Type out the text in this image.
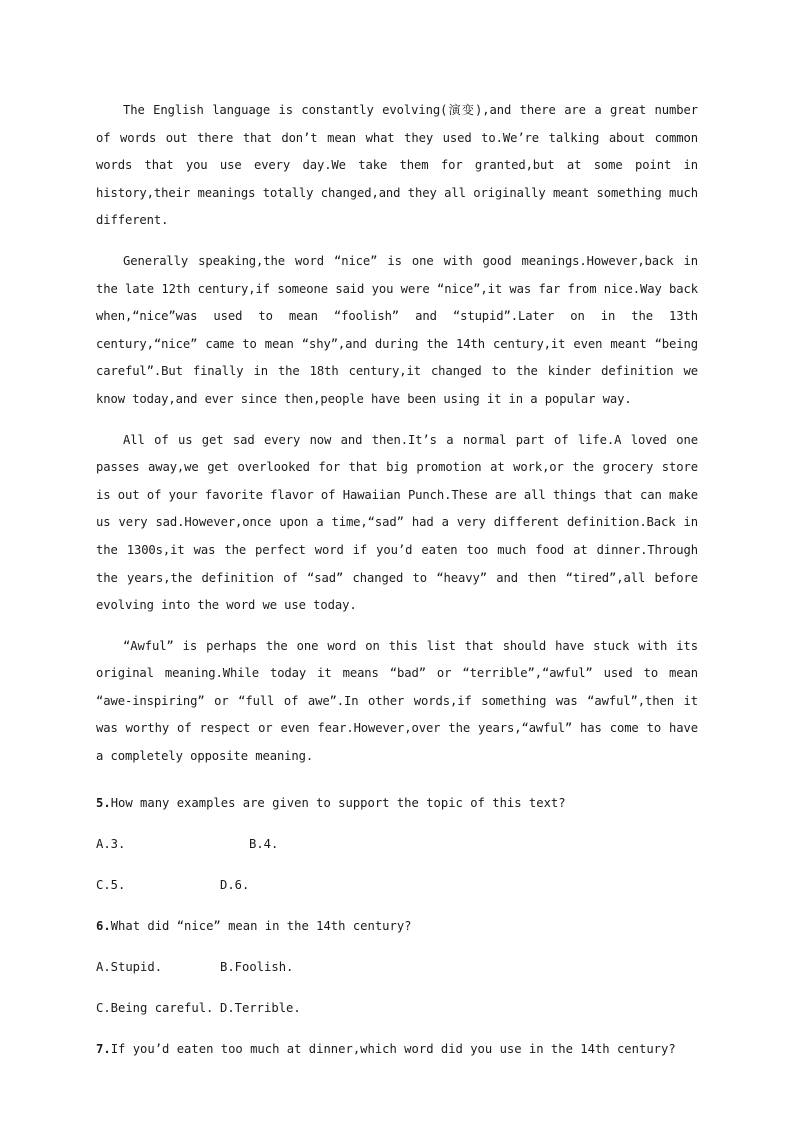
The English language is constantly evolving(演变),and there are a great number of words out there that don’t mean what they used to.We’re talking about common words that you use every day.We take them for granted,but at some point in history,their meanings totally changed,and they all originally meant something much different.

Generally speaking,the word “nice” is one with good meanings.However,back in the late 12th century,if someone said you were “nice”,it was far from nice.Way back when,“nice”was used to mean “foolish” and “stupid”.Later on in the 13th century,“nice” came to mean “shy”,and during the 14th century,it even meant “being careful”.But finally in the 18th century,it changed to the kinder definition we know today,and ever since then,people have been using it in a popular way.

All of us get sad every now and then.It’s a normal part of life.A loved one passes away,we get overlooked for that big promotion at work,or the grocery store is out of your favorite flavor of Hawaiian Punch.These are all things that can make us very sad.However,once upon a time,“sad” had a very different definition.Back in the 1300s,it was the perfect word if you’d eaten too much food at dinner.Through the years,the definition of “sad” changed to “heavy” and then “tired”,all before evolving into the word we use today.

“Awful” is perhaps the one word on this list that should have stuck with its original meaning.While today it means “bad” or “terrible”,“awful” used to mean “awe-inspiring” or “full of awe”.In other words,if something was “awful”,then it was worthy of respect or even fear.However,over the years,“awful” has come to have a completely opposite meaning.

5.How many examples are given to support the topic of this text?

A.3.	B.4.

C.5.	D.6.

6.What did “nice” mean in the 14th century?

A.Stupid.	B.Foolish.

C.Being careful. D.Terrible.

7.If you’d eaten too much at dinner,which word did you use in the 14th century?
